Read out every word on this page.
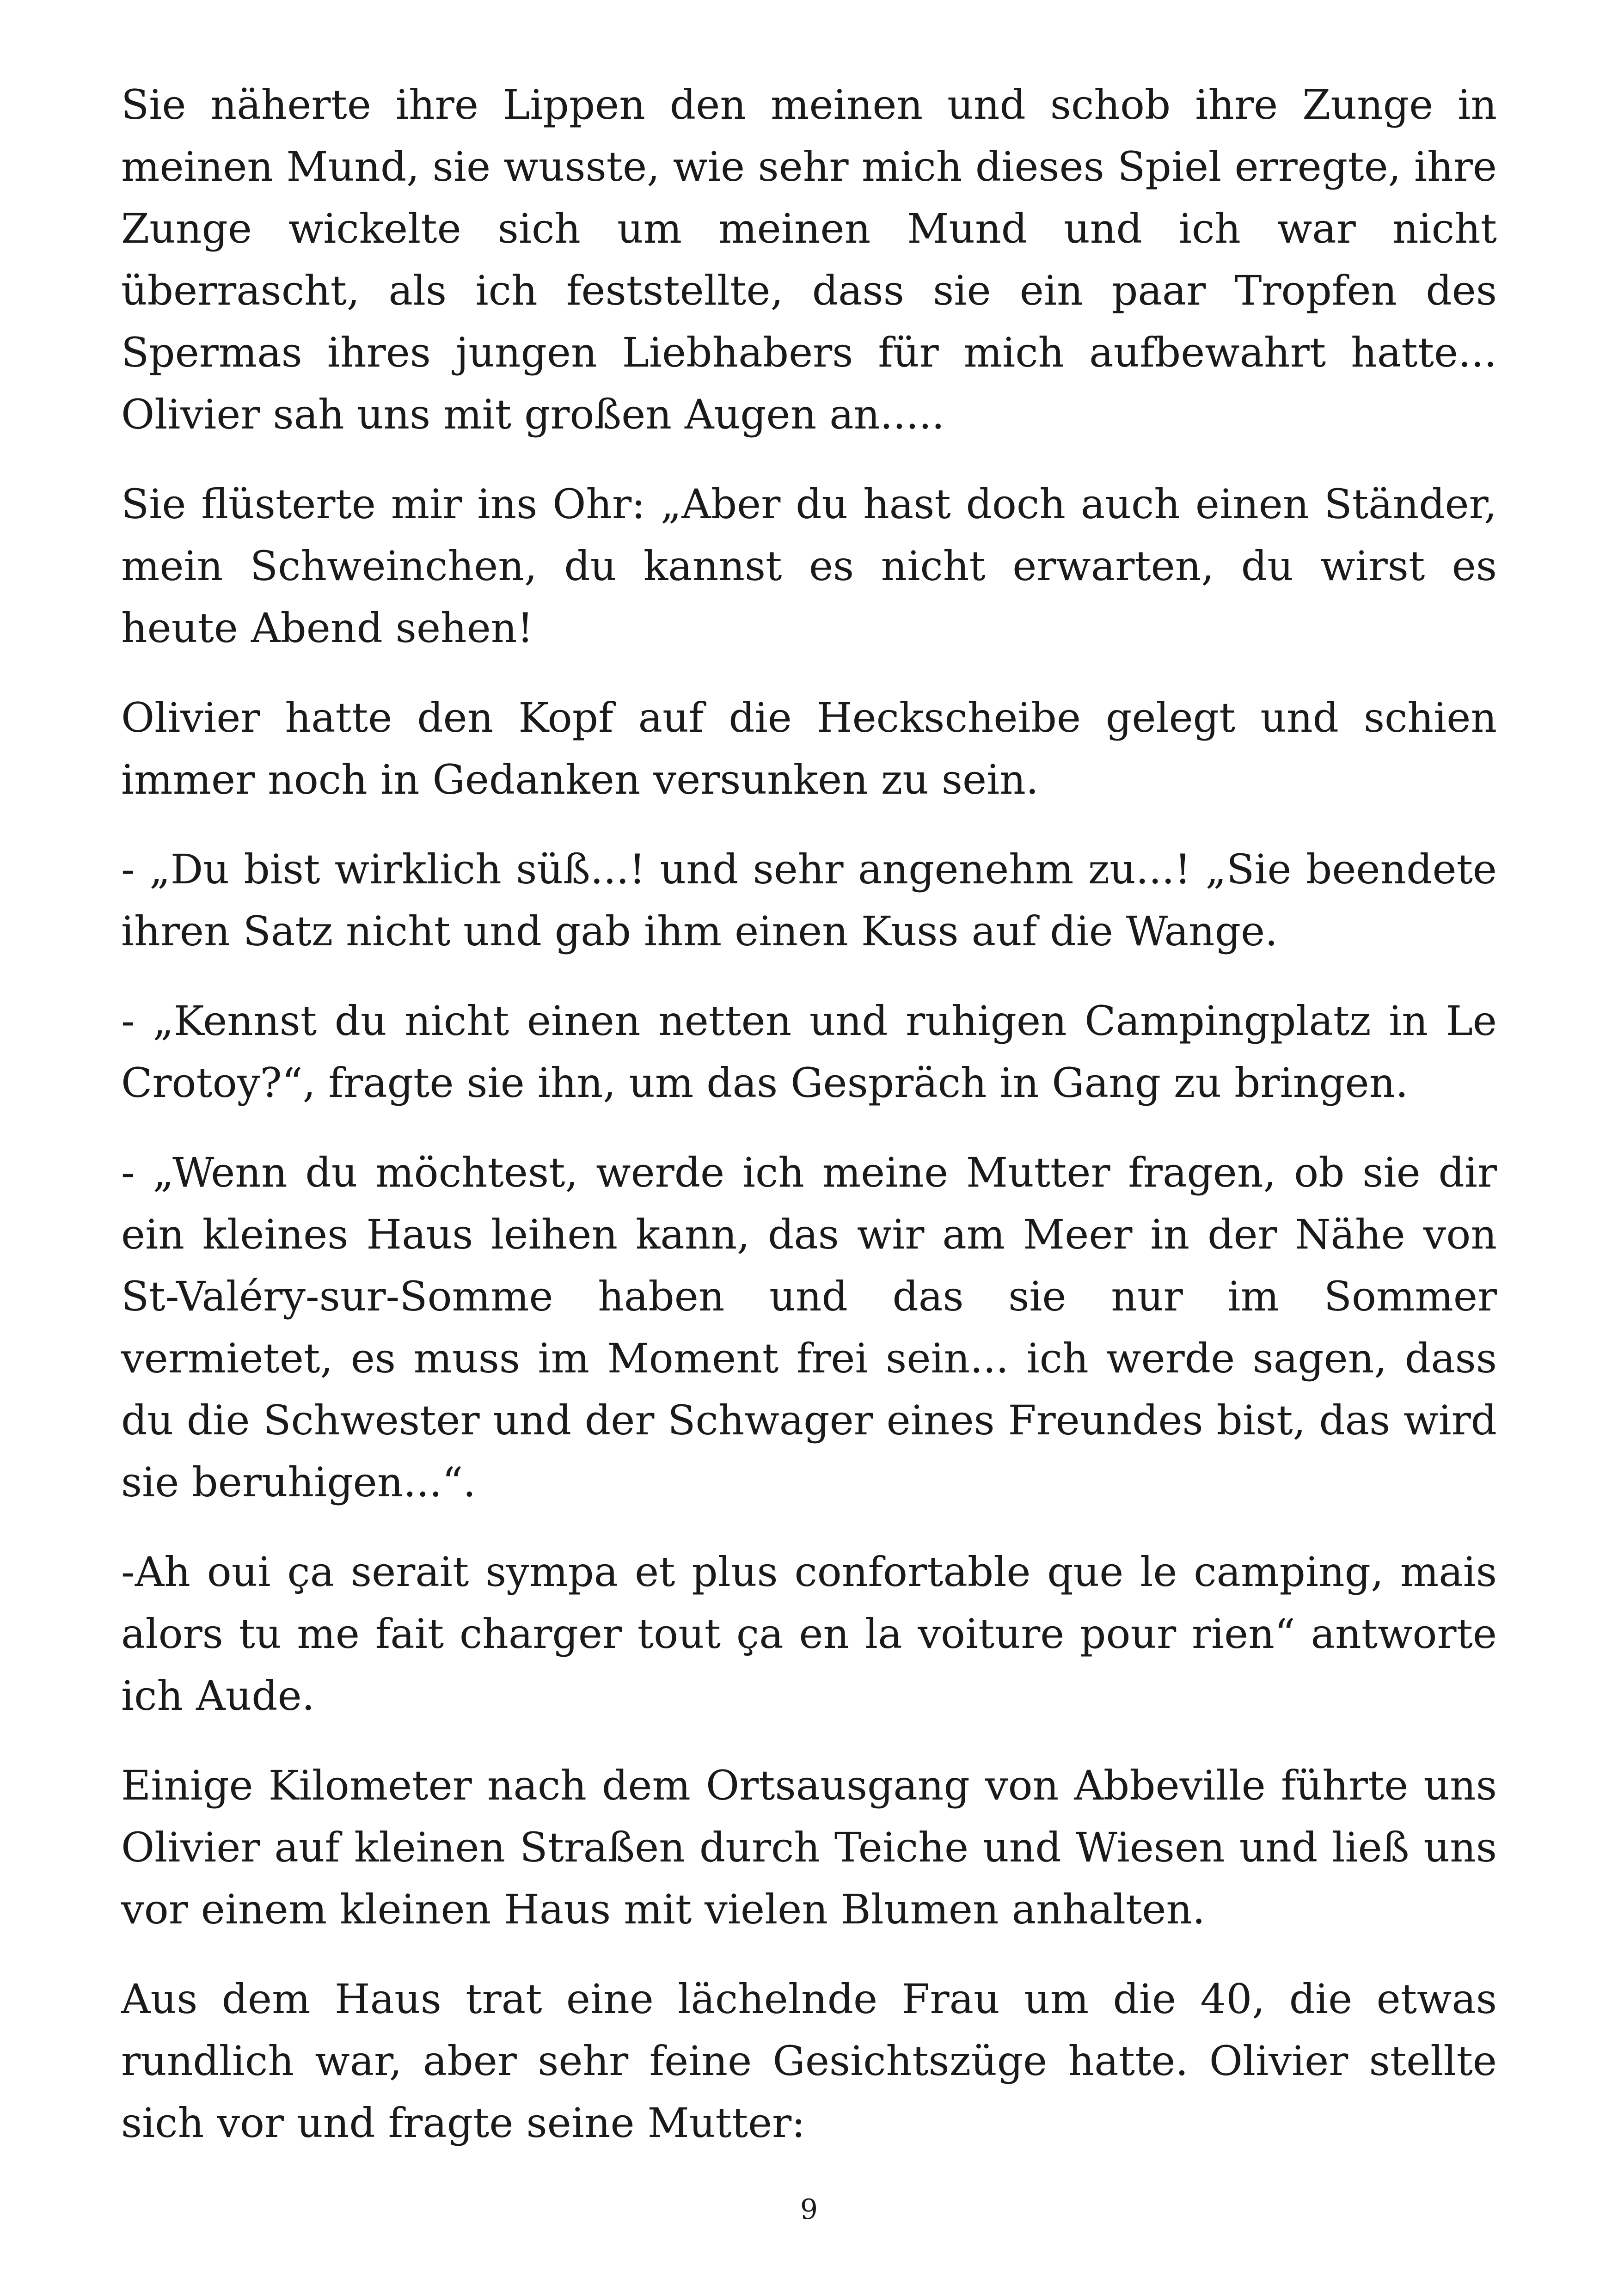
Sie näherte ihre Lippen den meinen und schob ihre Zunge in meinen Mund, sie wusste, wie sehr mich dieses Spiel erregte, ihre Zunge wickelte sich um meinen Mund und ich war nicht überrascht, als ich feststellte, dass sie ein paar Tropfen des Spermas ihres jungen Liebhabers für mich aufbewahrt hatte... Olivier sah uns mit großen Augen an.....

Sie flüsterte mir ins Ohr: „Aber du hast doch auch einen Ständer, mein Schweinchen, du kannst es nicht erwarten, du wirst es heute Abend sehen!

Olivier hatte den Kopf auf die Heckscheibe gelegt und schien immer noch in Gedanken versunken zu sein.

- „Du bist wirklich süß...! und sehr angenehm zu...! „Sie beendete ihren Satz nicht und gab ihm einen Kuss auf die Wange.

- „Kennst du nicht einen netten und ruhigen Campingplatz in Le Crotoy?“, fragte sie ihn, um das Gespräch in Gang zu bringen.

- „Wenn du möchtest, werde ich meine Mutter fragen, ob sie dir ein kleines Haus leihen kann, das wir am Meer in der Nähe von St-Valéry-sur-Somme haben und das sie nur im Sommer vermietet, es muss im Moment frei sein... ich werde sagen, dass du die Schwester und der Schwager eines Freundes bist, das wird sie beruhigen...“.

-Ah oui ça serait sympa et plus confortable que le camping, mais alors tu me fait charger tout ça en la voiture pour rien“ antworte ich Aude.

Einige Kilometer nach dem Ortsausgang von Abbeville führte uns Olivier auf kleinen Straßen durch Teiche und Wiesen und ließ uns vor einem kleinen Haus mit vielen Blumen anhalten.

Aus dem Haus trat eine lächelnde Frau um die 40, die etwas rundlich war, aber sehr feine Gesichtszüge hatte. Olivier stellte sich vor und fragte seine Mutter:

9
